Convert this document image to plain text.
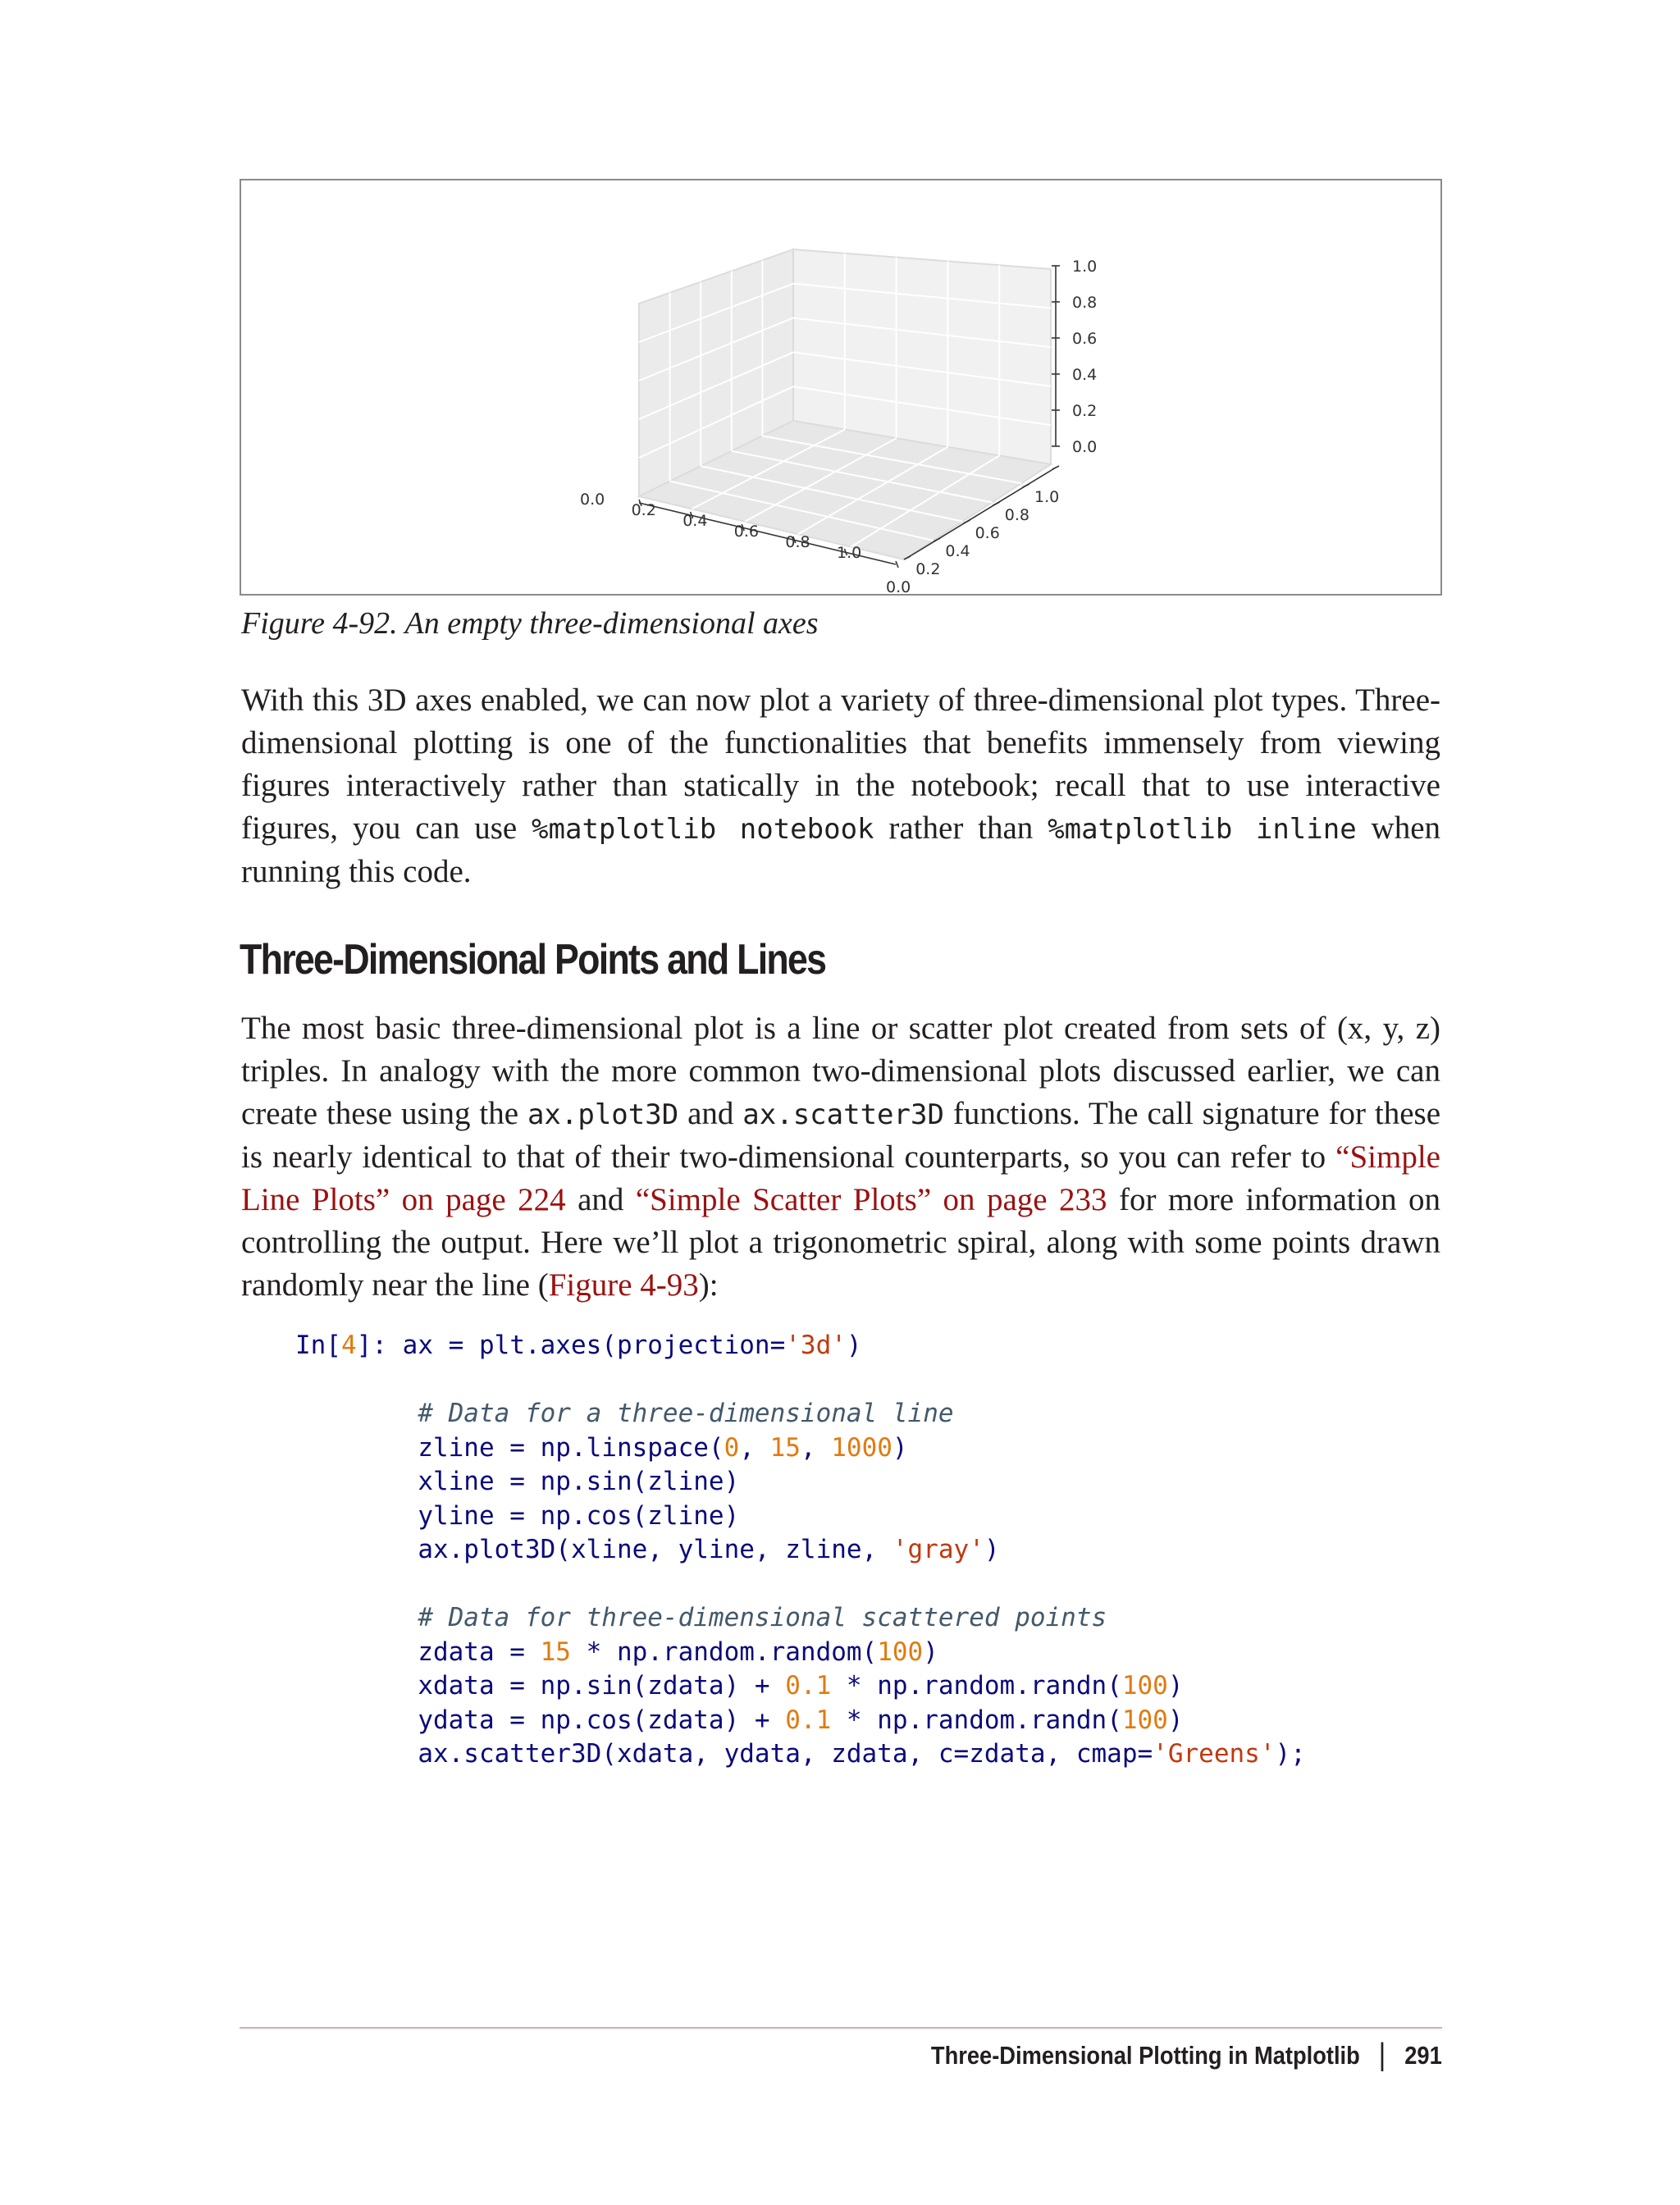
0.0
0.2
0.4
0.6
0.8
1.0
0.0
0.2
0.4
0.6
0.8
1.0
0.0
0.2
0.4
0.6
0.8
1.0

Figure 4-92. An empty three-dimensional axes

With this 3D axes enabled, we can now plot a variety of three-dimensional plot types. Three-dimensional plotting is one of the functionalities that benefits immensely from viewing figures interactively rather than statically in the notebook; recall that to use interactive figures, you can use %matplotlib notebook rather than %matplotlib inline when running this code.

Three-Dimensional Points and Lines

The most basic three-dimensional plot is a line or scatter plot created from sets of (x, y, z) triples. In analogy with the more common two-dimensional plots discussed earlier, we can create these using the ax.plot3D and ax.scatter3D functions. The call signature for these is nearly identical to that of their two-dimensional counterparts, so you can refer to “Simple Line Plots” on page 224 and “Simple Scatter Plots” on page 233 for more information on controlling the output. Here we’ll plot a trigonometric spiral, along with some points drawn randomly near the line (Figure 4-93):

In[4]: ax = plt.axes(projection='3d')

# Data for a three-dimensional line
zline = np.linspace(0, 15, 1000)
xline = np.sin(zline)
yline = np.cos(zline)
ax.plot3D(xline, yline, zline, 'gray')

# Data for three-dimensional scattered points
zdata = 15 * np.random.random(100)
xdata = np.sin(zdata) + 0.1 * np.random.randn(100)
ydata = np.cos(zdata) + 0.1 * np.random.randn(100)
ax.scatter3D(xdata, ydata, zdata, c=zdata, cmap='Greens');
Three-Dimensional Plotting in Matplotlib | 291
